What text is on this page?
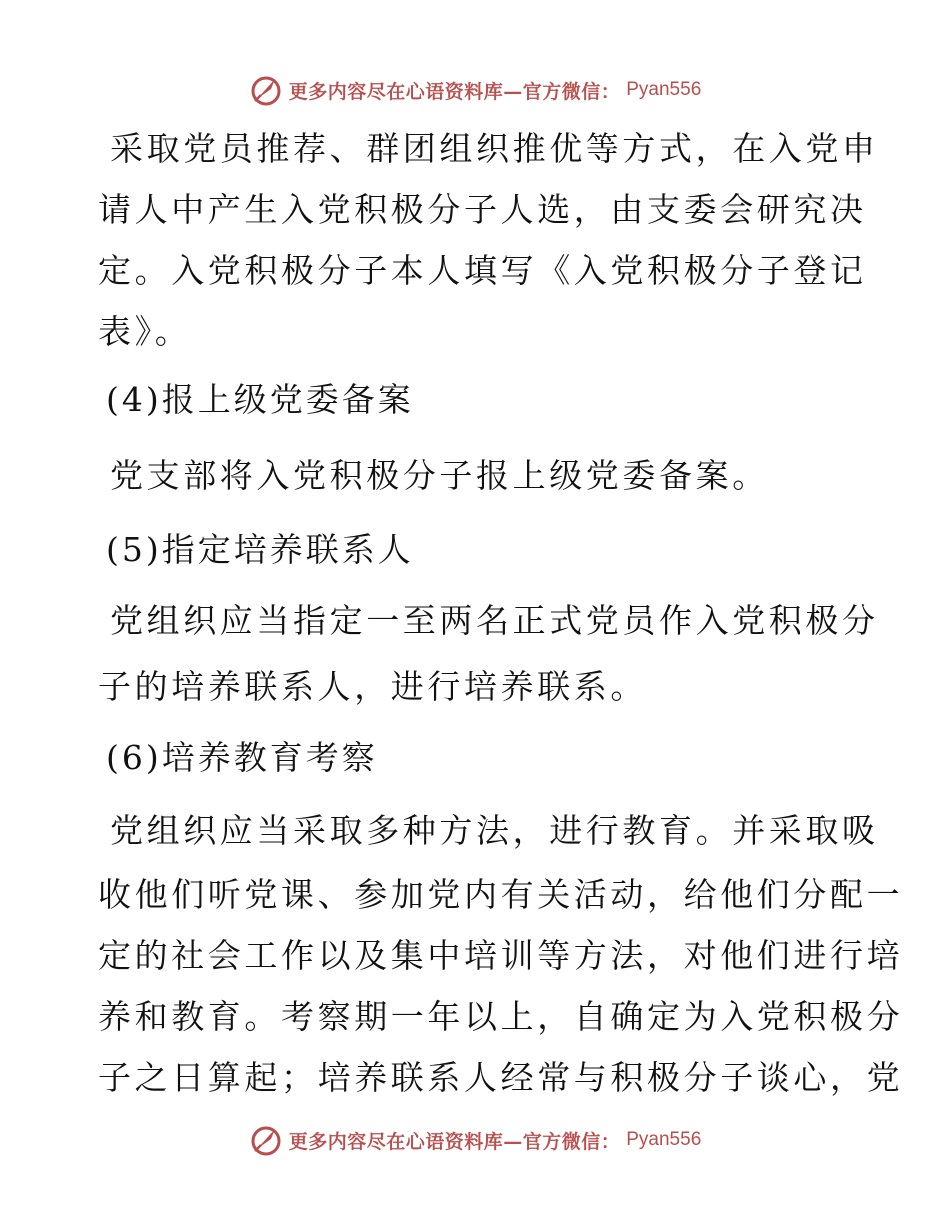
更多内容尽在心语资料库—官方微信： Pyan556
采取党员推荐、群团组织推优等方式，在入党申
请人中产生入党积极分子人选，由支委会研究决
定。入党积极分子本人填写《入党积极分子登记
表》。
(4)报上级党委备案
党支部将入党积极分子报上级党委备案。
(5)指定培养联系人
党组织应当指定一至两名正式党员作入党积极分
子的培养联系人，进行培养联系。
(6)培养教育考察
党组织应当采取多种方法，进行教育。并采取吸
收他们听党课、参加党内有关活动，给他们分配一
定的社会工作以及集中培训等方法，对他们进行培
养和教育。考察期一年以上，自确定为入党积极分
子之日算起；培养联系人经常与积极分子谈心，党
更多内容尽在心语资料库—官方微信： Pyan556
